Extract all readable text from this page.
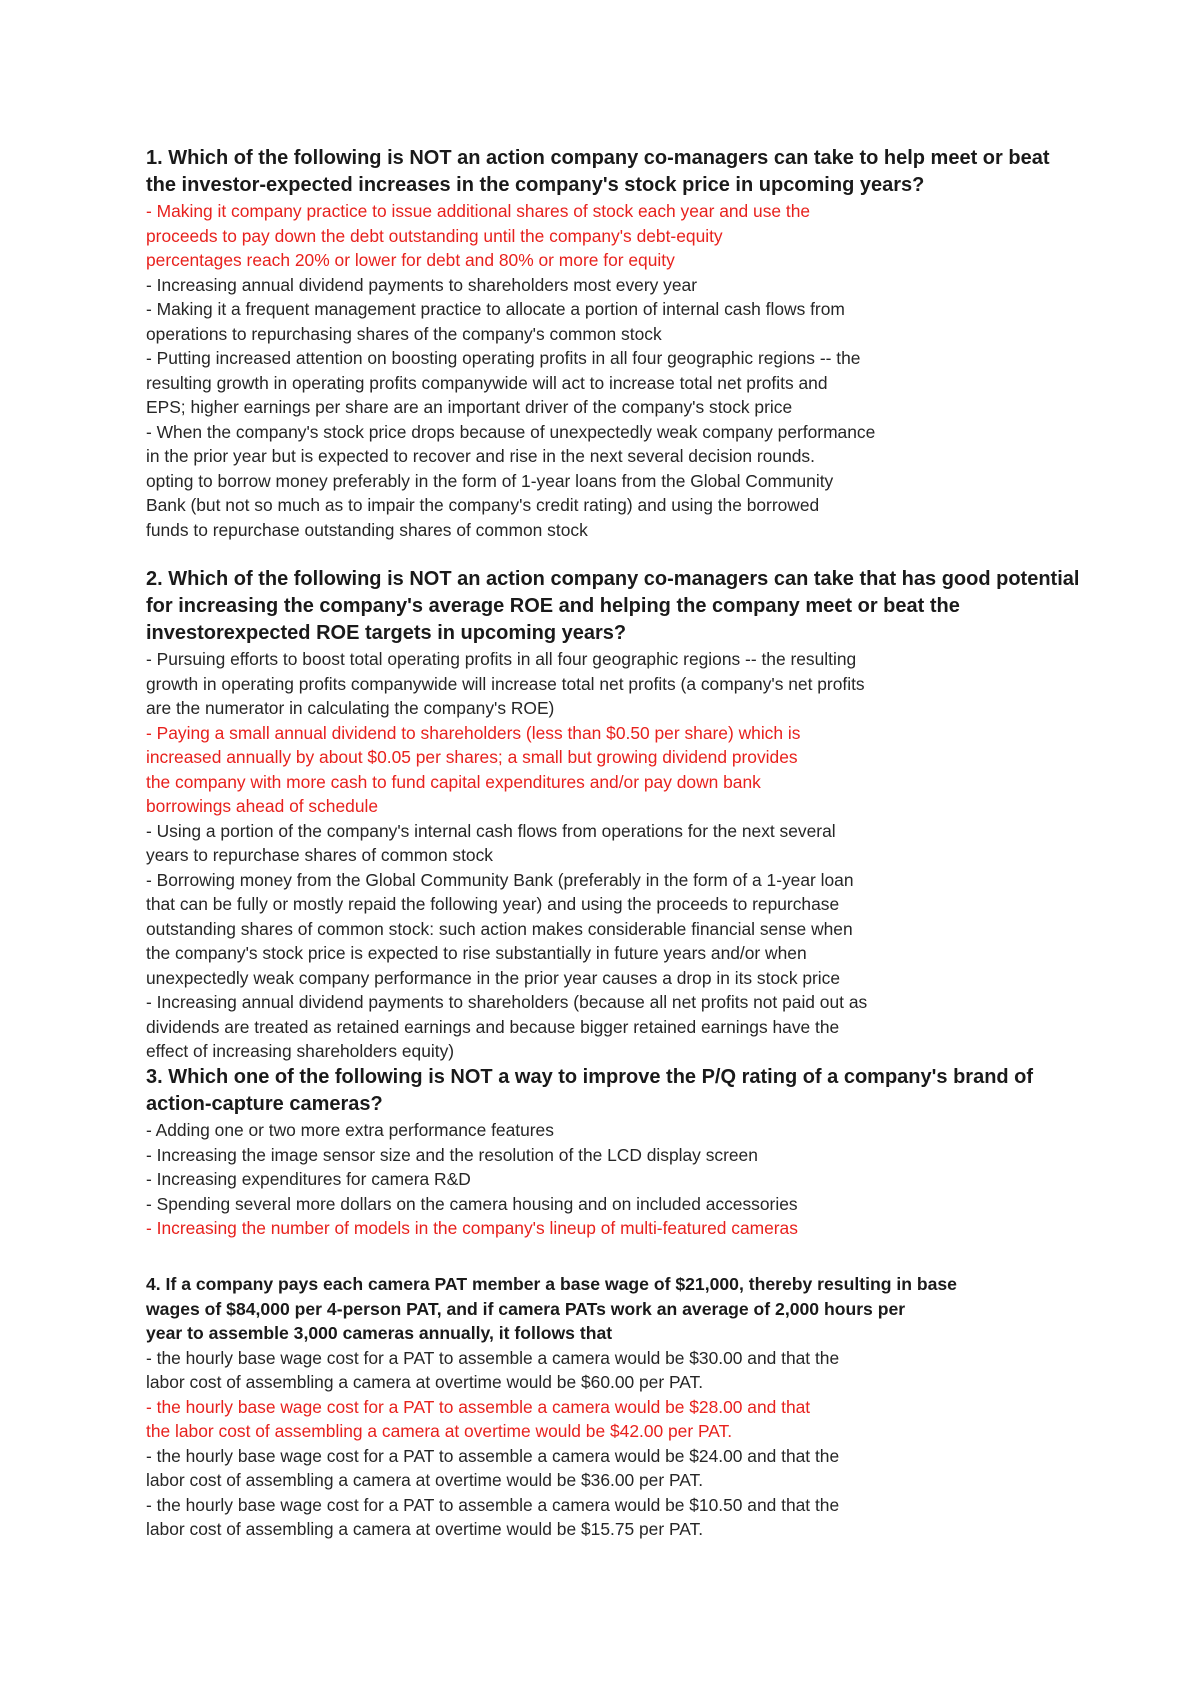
1. Which of the following is NOT an action company co-managers can take to help meet or beat
the investor-expected increases in the company's stock price in upcoming years?
- Making it company practice to issue additional shares of stock each year and use the
proceeds to pay down the debt outstanding until the company's debt-equity
percentages reach 20% or lower for debt and 80% or more for equity
- Increasing annual dividend payments to shareholders most every year
- Making it a frequent management practice to allocate a portion of internal cash flows from
operations to repurchasing shares of the company's common stock
- Putting increased attention on boosting operating profits in all four geographic regions -- the
resulting growth in operating profits companywide will act to increase total net profits and
EPS; higher earnings per share are an important driver of the company's stock price
- When the company's stock price drops because of unexpectedly weak company performance
in the prior year but is expected to recover and rise in the next several decision rounds.
opting to borrow money preferably in the form of 1-year loans from the Global Community
Bank (but not so much as to impair the company's credit rating) and using the borrowed
funds to repurchase outstanding shares of common stock
2. Which of the following is NOT an action company co-managers can take that has good potential
for increasing the company's average ROE and helping the company meet or beat the
investorexpected ROE targets in upcoming years?
- Pursuing efforts to boost total operating profits in all four geographic regions -- the resulting
growth in operating profits companywide will increase total net profits (a company's net profits
are the numerator in calculating the company's ROE)
- Paying a small annual dividend to shareholders (less than $0.50 per share) which is
increased annually by about $0.05 per shares; a small but growing dividend provides
the company with more cash to fund capital expenditures and/or pay down bank
borrowings ahead of schedule
- Using a portion of the company's internal cash flows from operations for the next several
years to repurchase shares of common stock
- Borrowing money from the Global Community Bank (preferably in the form of a 1-year loan
that can be fully or mostly repaid the following year) and using the proceeds to repurchase
outstanding shares of common stock: such action makes considerable financial sense when
the company's stock price is expected to rise substantially in future years and/or when
unexpectedly weak company performance in the prior year causes a drop in its stock price
- Increasing annual dividend payments to shareholders (because all net profits not paid out as
dividends are treated as retained earnings and because bigger retained earnings have the
effect of increasing shareholders equity)
3. Which one of the following is NOT a way to improve the P/Q rating of a company's brand of
action-capture cameras?
- Adding one or two more extra performance features
- Increasing the image sensor size and the resolution of the LCD display screen
- Increasing expenditures for camera R&D
- Spending several more dollars on the camera housing and on included accessories
- Increasing the number of models in the company's lineup of multi-featured cameras
4. If a company pays each camera PAT member a base wage of $21,000, thereby resulting in base
wages of $84,000 per 4-person PAT, and if camera PATs work an average of 2,000 hours per
year to assemble 3,000 cameras annually, it follows that
- the hourly base wage cost for a PAT to assemble a camera would be $30.00 and that the
labor cost of assembling a camera at overtime would be $60.00 per PAT.
- the hourly base wage cost for a PAT to assemble a camera would be $28.00 and that
the labor cost of assembling a camera at overtime would be $42.00 per PAT.
- the hourly base wage cost for a PAT to assemble a camera would be $24.00 and that the
labor cost of assembling a camera at overtime would be $36.00 per PAT.
- the hourly base wage cost for a PAT to assemble a camera would be $10.50 and that the
labor cost of assembling a camera at overtime would be $15.75 per PAT.
